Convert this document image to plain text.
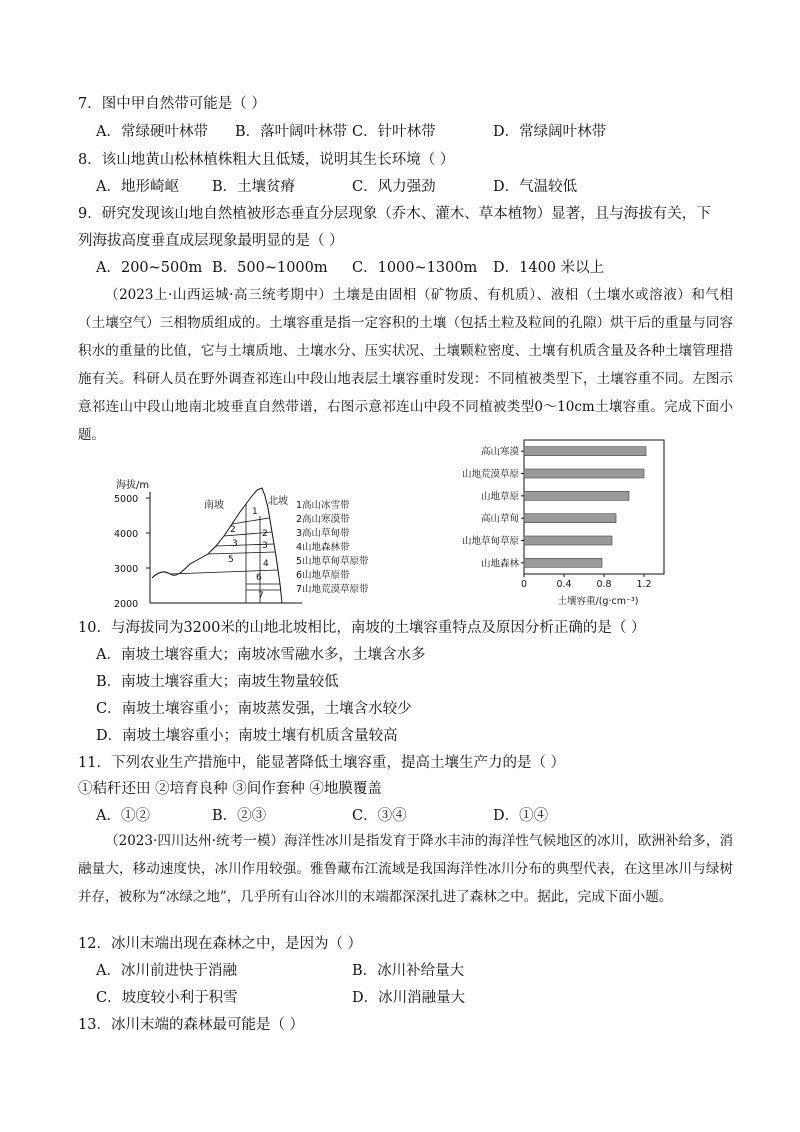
7．图中甲自然带可能是（ ）
A．常绿硬叶林带 B．落叶阔叶林带 C．针叶林带	D．常绿阔叶林带
8．该山地黄山松林植株粗大且低矮，说明其生长环境（ ）
A．地形崎岖 B．土壤贫瘠	C．风力强劲	D．气温较低
9．研究发现该山地自然植被形态垂直分层现象（乔木、灌木、草本植物）显著，且与海拔有关，下
列海拔高度垂直成层现象最明显的是（ ）
A．200~500m B．500~1000m C．1000~1300m D．1400 米以上
（2023上·山西运城·高三统考期中）土壤是由固相（矿物质、有机质）、液相（土壤水或溶液）和气相（土壤空气）三相物质组成的。土壤容重是指一定容积的土壤（包括土粒及粒间的孔隙）烘干后的重量与同容积水的重量的比值，它与土壤质地、土壤水分、压实状况、土壤颗粒密度、土壤有机质含量及各种土壤管理措施有关。科研人员在野外调查祁连山中段山地表层土壤容重时发现：不同植被类型下，土壤容重不同。左图示意祁连山中段山地南北坡垂直自然带谱，右图示意祁连山中段不同植被类型0～10cm土壤容重。完成下面小题。
海拔/m
5000
4000
3000
2000
南坡	北坡
1
2
3
4
6
7
2
3
5
1高山冰雪带
2高山寒漠带
3高山草甸带
4山地森林带
5山地草甸草原带
6山地草原带
7山地荒漠草原带
高山寒漠
山地荒漠草原
山地草原
高山草甸
山地草甸草原
山地森林
0	0.4	0.8	1.2
土壤容重/(g·cm⁻³)
10．与海拔同为3200米的山地北坡相比，南坡的土壤容重特点及原因分析正确的是（ ）
A．南坡土壤容重大；南坡冰雪融水多，土壤含水多
B．南坡土壤容重大；南坡生物量较低
C．南坡土壤容重小；南坡蒸发强，土壤含水较少
D．南坡土壤容重小；南坡土壤有机质含量较高
11．下列农业生产措施中，能显著降低土壤容重，提高土壤生产力的是（ ）
①秸秆还田 ②培育良种 ③间作套种 ④地膜覆盖
A．①②	B．②③	C．③④	D．①④
（2023·四川达州·统考一模）海洋性冰川是指发育于降水丰沛的海洋性气候地区的冰川，欧洲补给多，消融量大，移动速度快，冰川作用较强。雅鲁藏布江流域是我国海洋性冰川分布的典型代表，在这里冰川与绿树并存，被称为“冰绿之地”，几乎所有山谷冰川的末端都深深扎进了森林之中。据此，完成下面小题。
12．冰川末端出现在森林之中，是因为（ ）
A．冰川前进快于消融	B．冰川补给量大
C．坡度较小利于积雪	D．冰川消融量大
13．冰川末端的森林最可能是（ ）
